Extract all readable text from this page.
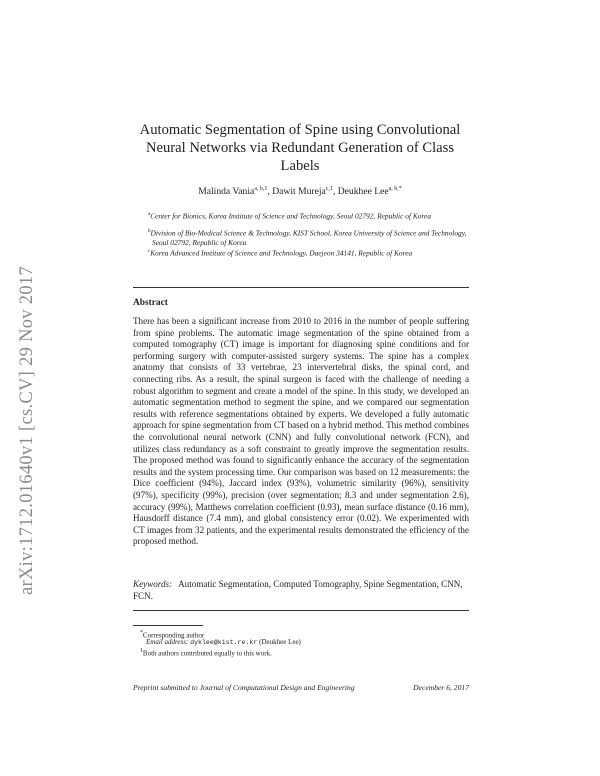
arXiv:1712.01640v1 [cs.CV] 29 Nov 2017
Automatic Segmentation of Spine using Convolutional Neural Networks via Redundant Generation of Class Labels
Malinda Vania$^{a, b,1}$, Dawit Mureja$^{c,1}$, Deukhee Lee$^{a, b,*}$
$^a$Center for Bionics, Korea Institute of Science and Technology, Seoul 02792, Republic of Korea
$^b$Division of Bio-Medical Science & Technology, KIST School, Korea University of Science and Technology, Seoul 02792, Republic of Korea
$^c$Korea Advanced Institute of Science and Technology, Daejeon 34141, Republic of Korea
Abstract
There has been a significant increase from 2010 to 2016 in the number of people suffering from spine problems. The automatic image segmentation of the spine obtained from a computed tomography (CT) image is important for diagnosing spine conditions and for performing surgery with computer-assisted surgery systems. The spine has a complex anatomy that consists of 33 vertebrae, 23 intervertebral disks, the spinal cord, and connecting ribs. As a result, the spinal surgeon is faced with the challenge of needing a robust algorithm to segment and create a model of the spine. In this study, we developed an automatic segmentation method to segment the spine, and we compared our segmentation results with reference segmentations obtained by experts. We developed a fully automatic approach for spine segmentation from CT based on a hybrid method. This method combines the convolutional neural network (CNN) and fully convolutional network (FCN), and utilizes class redundancy as a soft constraint to greatly improve the segmentation results. The proposed method was found to significantly enhance the accuracy of the segmentation results and the system processing time. Our comparison was based on 12 measurements: the Dice coefficient (94%), Jaccard index (93%), volumetric similarity (96%), sensitivity (97%), specificity (99%), precision (over segmentation; 8.3 and under segmentation 2.6), accuracy (99%), Matthews correlation coefficient (0.93), mean surface distance (0.16 mm), Hausdorff distance (7.4 mm), and global consistency error (0.02). We experimented with CT images from 32 patients, and the experimental results demonstrated the efficiency of the proposed method.
Keywords: Automatic Segmentation, Computed Tomography, Spine Segmentation, CNN, FCN.
*Corresponding author
Email address: dyklee@kist.re.kr (Deukhee Lee)
$^1$Both authors contributed equally to this work.
Preprint submitted to Journal of Computational Design and Engineering	December 6, 2017
